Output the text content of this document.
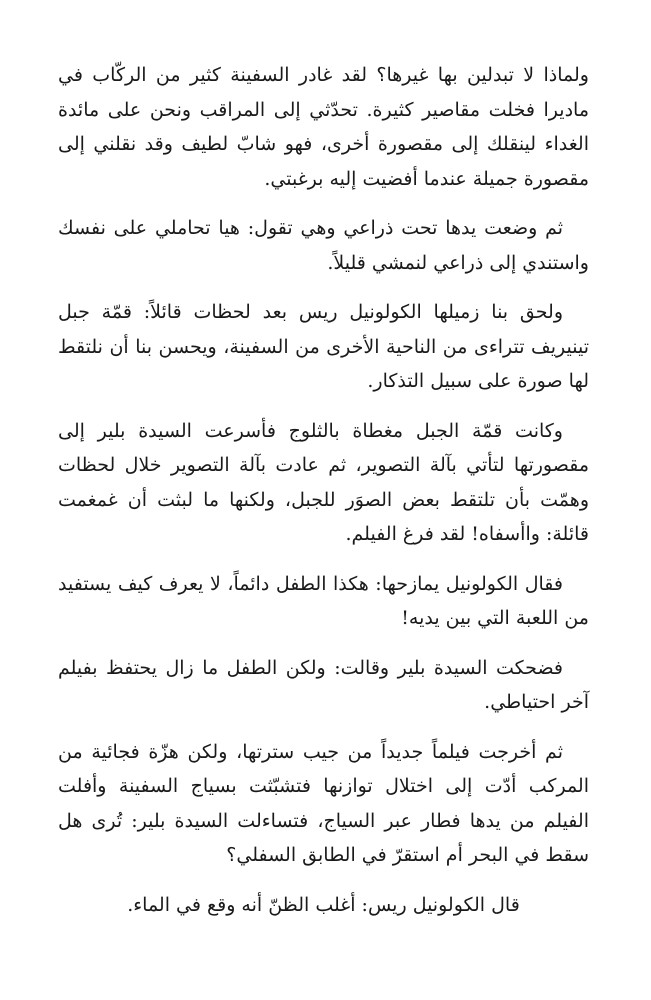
ولماذا لا تبدلين بها غيرها؟ لقد غادر السفينة كثير من الركّاب في ماديرا فخلت مقاصير كثيرة. تحدّثي إلى المراقب ونحن على مائدة الغداء لينقلك إلى مقصورة أخرى، فهو شابّ لطيف وقد نقلني إلى مقصورة جميلة عندما أفضيت إليه برغبتي.

ثم وضعت يدها تحت ذراعي وهي تقول: هيا تحاملي على نفسك واستندي إلى ذراعي لنمشي قليلاً.

ولحق بنا زميلها الكولونيل ريس بعد لحظات قائلاً: قمّة جبل تينيريف تتراءى من الناحية الأخرى من السفينة، ويحسن بنا أن نلتقط لها صورة على سبيل التذكار.

وكانت قمّة الجبل مغطاة بالثلوج فأسرعت السيدة بلير إلى مقصورتها لتأتي بآلة التصوير، ثم عادت بآلة التصوير خلال لحظات وهمّت بأن تلتقط بعض الصوَر للجبل، ولكنها ما لبثت أن غمغمت قائلة: واأسفاه! لقد فرغ الفيلم.

فقال الكولونيل يمازحها: هكذا الطفل دائماً، لا يعرف كيف يستفيد من اللعبة التي بين يديه!

فضحكت السيدة بلير وقالت: ولكن الطفل ما زال يحتفظ بفيلم آخر احتياطي.

ثم أخرجت فيلماً جديداً من جيب سترتها، ولكن هزّة فجائية من المركب أدّت إلى اختلال توازنها فتشبّثت بسياج السفينة وأفلت الفيلم من يدها فطار عبر السياج، فتساءلت السيدة بلير: تُرى هل سقط في البحر أم استقرّ في الطابق السفلي؟

قال الكولونيل ريس: أغلب الظنّ أنه وقع في الماء.
